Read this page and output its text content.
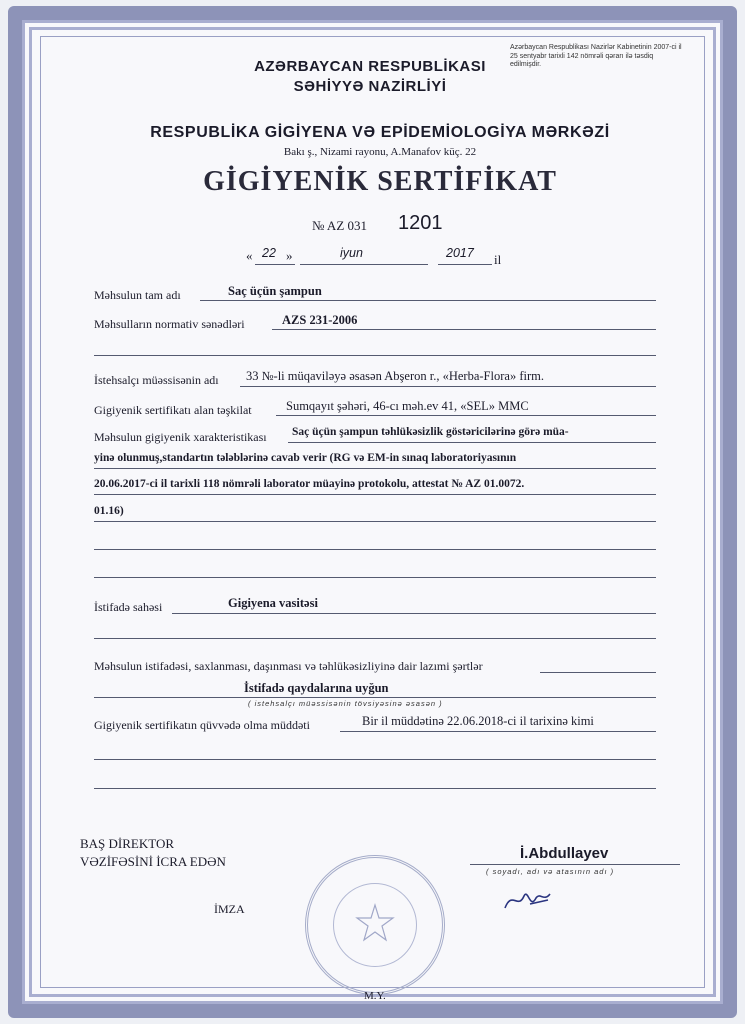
AZƏRBAYCAN RESPUBLİKASI
SƏHİYYƏ NAZİRLİYİ
Azərbaycan Respublikası Nazirlər Kabinetinin 2007-ci il 25 sentyabr tarixli 142 nömrəli qərarı ilə təsdiq edilmişdir.
RESPUBLİKA GİGİYENA VƏ EPİDEMİOLOGİYA MƏRKƏZİ
Bakı ş., Nizami rayonu, A.Manafov küç. 22
GİGİYENİK SERTİFİKAT
№ AZ 031 1201
« 22 »	iyun	2017 il
Məhsulun tam adı	Saç üçün şampun
Məhsulların normativ sənədləri	AZS 231-2006
İstehsalçı müəssisənin adı 33 №-li müqaviləyə əsasən Abşeron r., «Herba-Flora» firm.
Gigiyenik sertifikatı alan təşkilat	Sumqayıt şəhəri, 46-cı məh.ev 41, «SEL» MMC
Məhsulun gigiyenik xarakteristikası Saç üçün şampun təhlükəsizlik göstəricilərinə görə müa-
yinə olunmuş,standartın tələblərinə cavab verir (RG və EM-in sınaq laboratoriyasının
20.06.2017-ci il tarixli 118 nömrəli laborator müayinə protokolu, attestat № AZ 01.0072.
01.16)
İstifadə sahəsi	Gigiyena vasitəsi
Məhsulun istifadəsi, saxlanması, daşınması və təhlükəsizliyinə dair lazımi şərtlər
İstifadə qaydalarına uyğun
( istehsalçı müəssisənin tövsiyəsinə əsasən )
Gigiyenik sertifikatın qüvvədə olma müddəti	Bir il müddətinə 22.06.2018-ci il tarixinə kimi
BAŞ DİREKTOR
VƏZİFƏSİNİ İCRA EDƏN	İ.Abdullayev
( soyadı, adı və atasının adı )
İMZA
M.Y.
